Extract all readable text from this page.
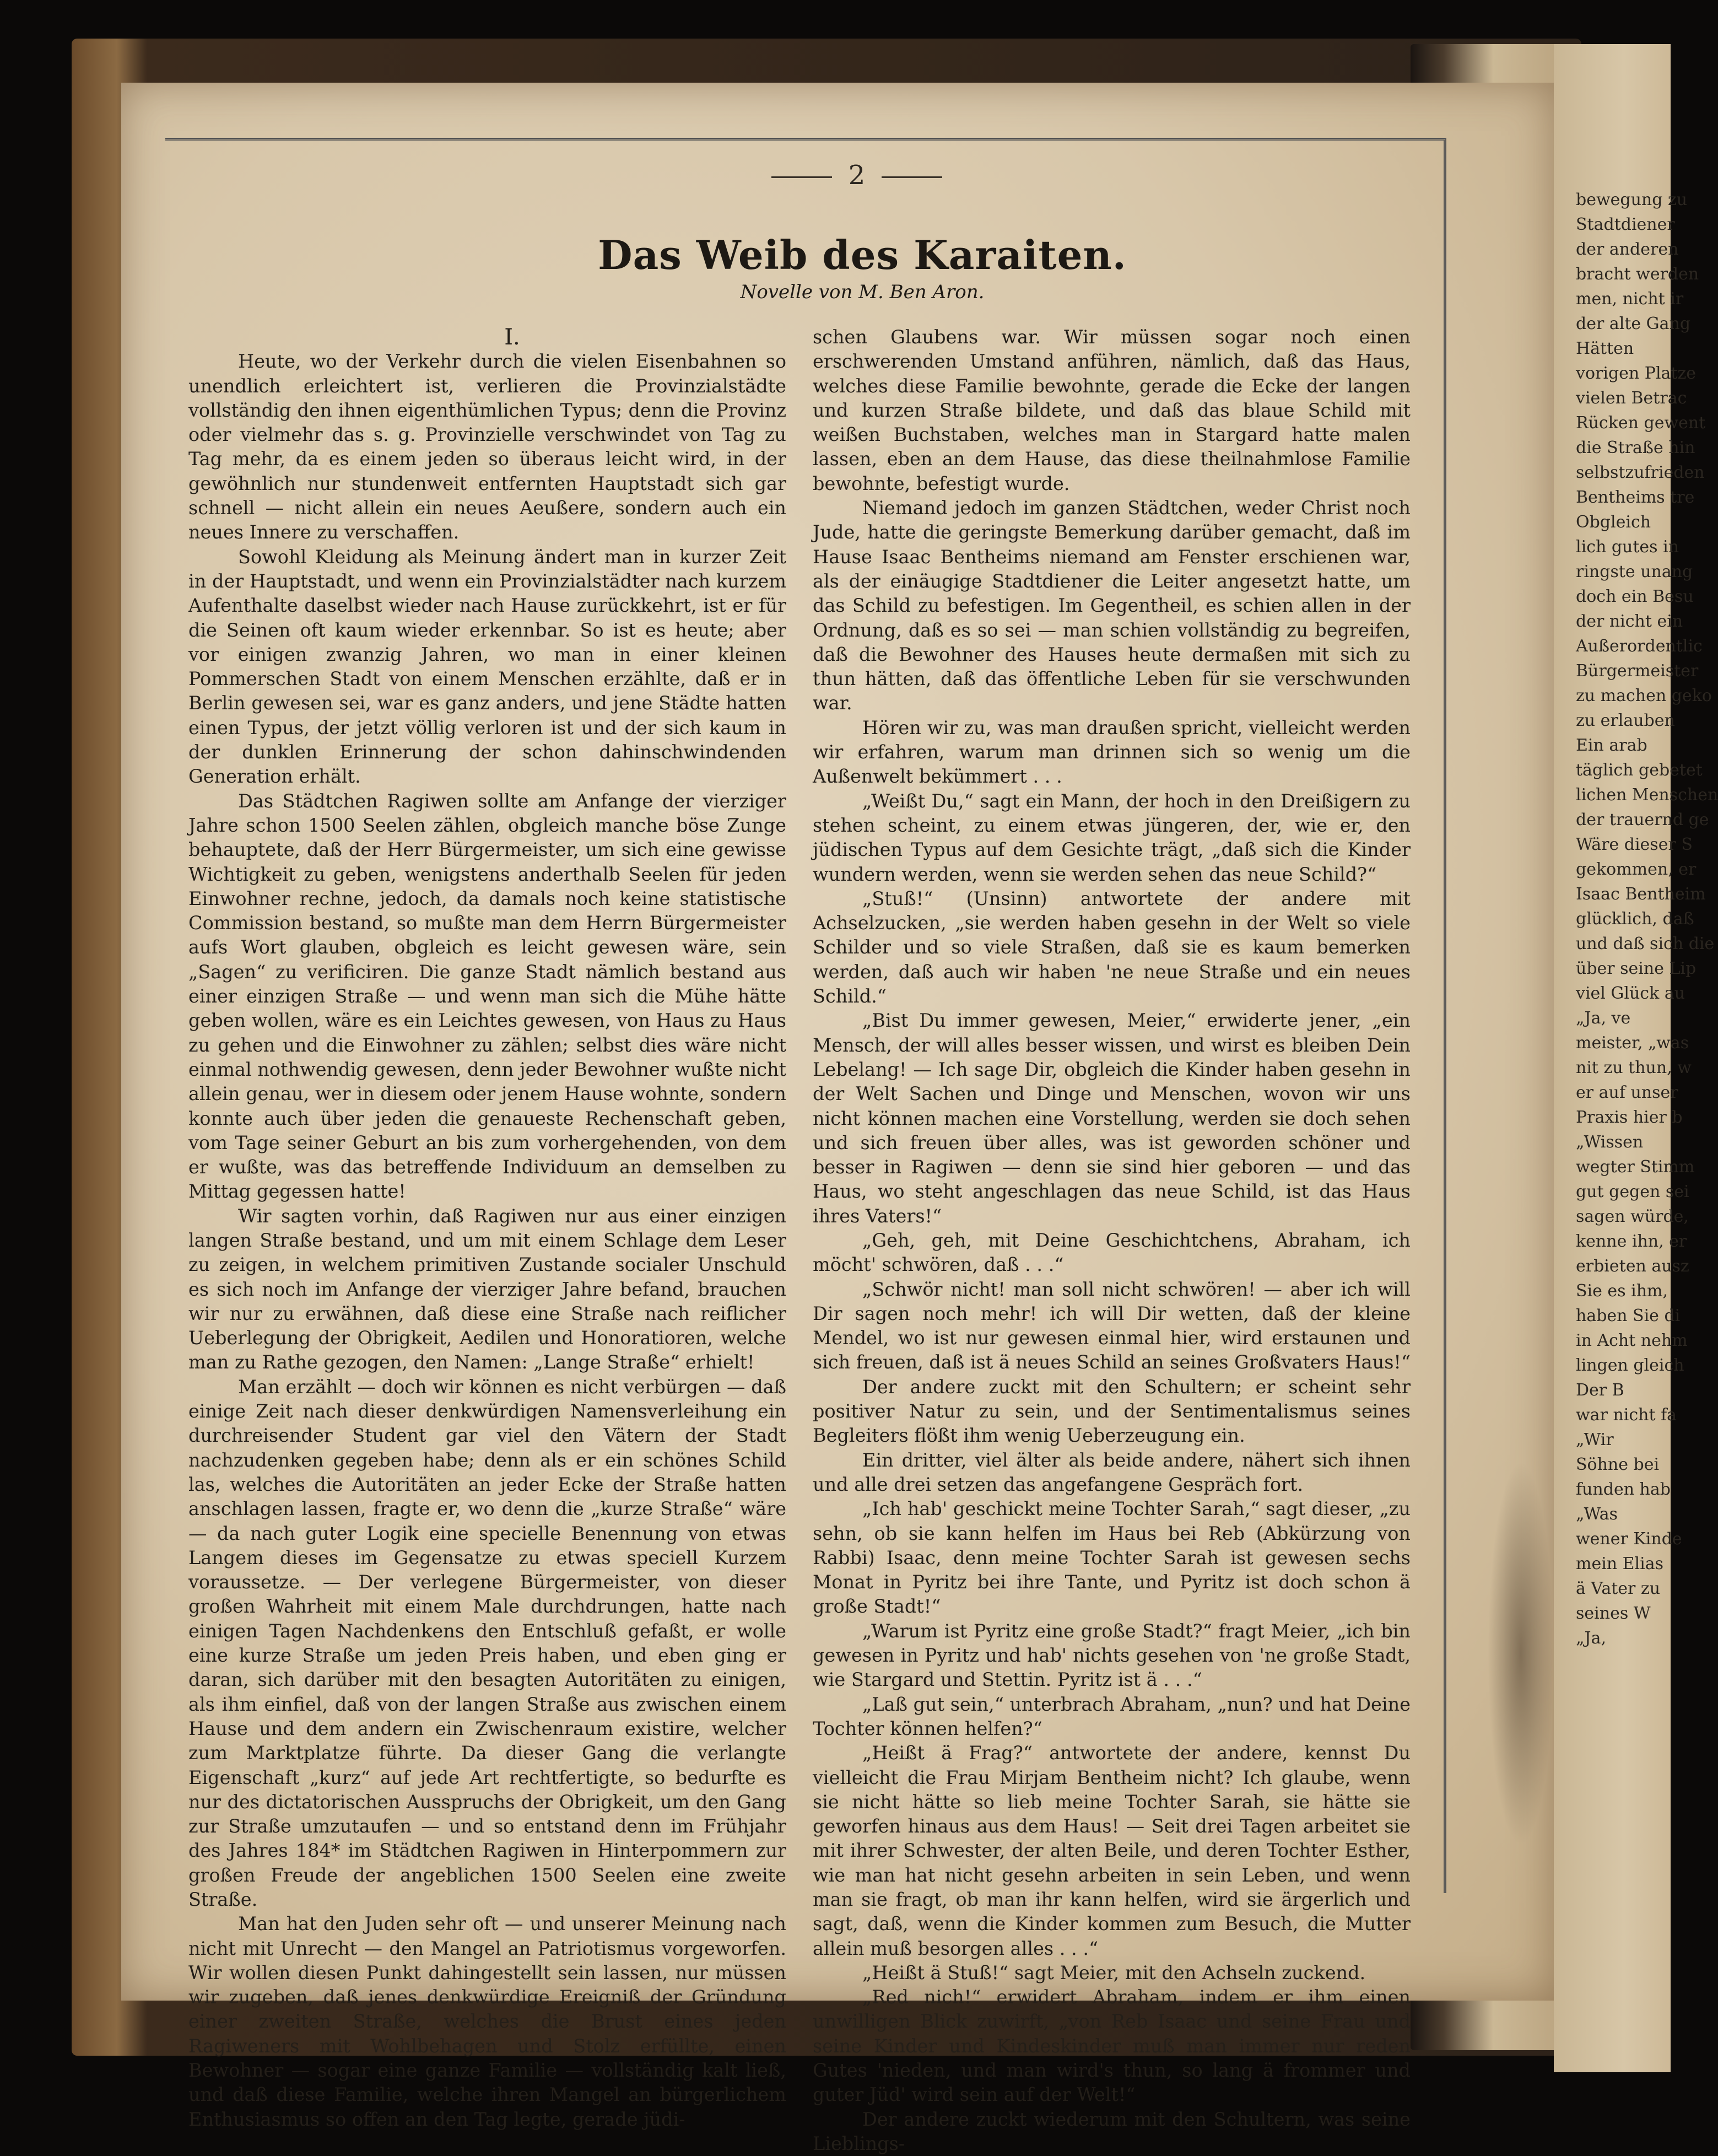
bewegung zu
Stadtdiener
der anderen
bracht werden
men, nicht ir
der alte Gang
Hätten
vorigen Platze
vielen Betrac
Rücken gewent
die Straße hin
selbstzufrieden
Bentheims tre
Obgleich
lich gutes in
ringste unang
doch ein Besu
der nicht ein
Außerordentlic
Bürgermeister
zu machen geko
zu erlauben
Ein arab
täglich gebetet
lichen Menschen
der trauernd ge
Wäre dieser S
gekommen, er
Isaac Bentheim
glücklich, daß
und daß sich die
über seine Lip
viel Glück au
„Ja, ve
meister, „was
nit zu thun, w
er auf unser
Praxis hier b
„Wissen
wegter Stimm
gut gegen sei
sagen würde,
kenne ihn, er
erbieten ausz
Sie es ihm,
haben Sie di
in Acht nehm
lingen gleich
Der B
war nicht fa
„Wir
Söhne bei
funden hab
„Was
wener Kinde
mein Elias
ä Vater zu
seines W
„Ja,
2
Das Weib des Karaiten.
Novelle von M. Ben Aron.

I.

Heute, wo der Verkehr durch die vielen Eisenbahnen so unendlich erleichtert ist, verlieren die Provinzialstädte vollständig den ihnen eigenthümlichen Typus; denn die Provinz oder vielmehr das s. g. Provinzielle verschwindet von Tag zu Tag mehr, da es einem jeden so überaus leicht wird, in der gewöhnlich nur stundenweit entfernten Hauptstadt sich gar schnell — nicht allein ein neues Aeußere, sondern auch ein neues Innere zu verschaffen.

Sowohl Kleidung als Meinung ändert man in kurzer Zeit in der Hauptstadt, und wenn ein Provinzialstädter nach kurzem Aufenthalte daselbst wieder nach Hause zurückkehrt, ist er für die Seinen oft kaum wieder erkennbar. So ist es heute; aber vor einigen zwanzig Jahren, wo man in einer kleinen Pommerschen Stadt von einem Menschen erzählte, daß er in Berlin gewesen sei, war es ganz anders, und jene Städte hatten einen Typus, der jetzt völlig verloren ist und der sich kaum in der dunklen Erinnerung der schon dahinschwindenden Generation erhält.

Das Städtchen Ragiwen sollte am Anfange der vierziger Jahre schon 1500 Seelen zählen, obgleich manche böse Zunge behauptete, daß der Herr Bürgermeister, um sich eine gewisse Wichtigkeit zu geben, wenigstens anderthalb Seelen für jeden Einwohner rechne, jedoch, da damals noch keine statistische Commission bestand, so mußte man dem Herrn Bürgermeister aufs Wort glauben, obgleich es leicht gewesen wäre, sein „Sagen“ zu verificiren. Die ganze Stadt nämlich bestand aus einer einzigen Straße — und wenn man sich die Mühe hätte geben wollen, wäre es ein Leichtes gewesen, von Haus zu Haus zu gehen und die Einwohner zu zählen; selbst dies wäre nicht einmal nothwendig gewesen, denn jeder Bewohner wußte nicht allein genau, wer in diesem oder jenem Hause wohnte, sondern konnte auch über jeden die genaueste Rechenschaft geben, vom Tage seiner Geburt an bis zum vorhergehenden, von dem er wußte, was das betreffende Individuum an demselben zu Mittag gegessen hatte!

Wir sagten vorhin, daß Ragiwen nur aus einer einzigen langen Straße bestand, und um mit einem Schlage dem Leser zu zeigen, in welchem primitiven Zustande socialer Unschuld es sich noch im Anfange der vierziger Jahre befand, brauchen wir nur zu erwähnen, daß diese eine Straße nach reiflicher Ueberlegung der Obrigkeit, Aedilen und Honoratioren, welche man zu Rathe gezogen, den Namen: „Lange Straße“ erhielt!

Man erzählt — doch wir können es nicht verbürgen — daß einige Zeit nach dieser denkwürdigen Namensverleihung ein durchreisender Student gar viel den Vätern der Stadt nachzudenken gegeben habe; denn als er ein schönes Schild las, welches die Autoritäten an jeder Ecke der Straße hatten anschlagen lassen, fragte er, wo denn die „kurze Straße“ wäre — da nach guter Logik eine specielle Benennung von etwas Langem dieses im Gegensatze zu etwas speciell Kurzem voraussetze. — Der verlegene Bürgermeister, von dieser großen Wahrheit mit einem Male durchdrungen, hatte nach einigen Tagen Nachdenkens den Entschluß gefaßt, er wolle eine kurze Straße um jeden Preis haben, und eben ging er daran, sich darüber mit den besagten Autoritäten zu einigen, als ihm einfiel, daß von der langen Straße aus zwischen einem Hause und dem andern ein Zwischenraum existire, welcher zum Marktplatze führte. Da dieser Gang die verlangte Eigenschaft „kurz“ auf jede Art rechtfertigte, so bedurfte es nur des dictatorischen Ausspruchs der Obrigkeit, um den Gang zur Straße umzutaufen — und so entstand denn im Frühjahr des Jahres 184* im Städtchen Ragiwen in Hinterpommern zur großen Freude der angeblichen 1500 Seelen eine zweite Straße.

Man hat den Juden sehr oft — und unserer Meinung nach nicht mit Unrecht — den Mangel an Patriotismus vorgeworfen. Wir wollen diesen Punkt dahingestellt sein lassen, nur müssen wir zugeben, daß jenes denkwürdige Ereigniß der Gründung einer zweiten Straße, welches die Brust eines jeden Ragiweners mit Wohlbehagen und Stolz erfüllte, einen Bewohner — sogar eine ganze Familie — vollständig kalt ließ, und daß diese Familie, welche ihren Mangel an bürgerlichem Enthusiasmus so offen an den Tag legte, gerade jüdi-

schen Glaubens war. Wir müssen sogar noch einen erschwerenden Umstand anführen, nämlich, daß das Haus, welches diese Familie bewohnte, gerade die Ecke der langen und kurzen Straße bildete, und daß das blaue Schild mit weißen Buchstaben, welches man in Stargard hatte malen lassen, eben an dem Hause, das diese theilnahmlose Familie bewohnte, befestigt wurde.

Niemand jedoch im ganzen Städtchen, weder Christ noch Jude, hatte die geringste Bemerkung darüber gemacht, daß im Hause Isaac Bentheims niemand am Fenster erschienen war, als der einäugige Stadtdiener die Leiter angesetzt hatte, um das Schild zu befestigen. Im Gegentheil, es schien allen in der Ordnung, daß es so sei — man schien vollständig zu begreifen, daß die Bewohner des Hauses heute dermaßen mit sich zu thun hätten, daß das öffentliche Leben für sie verschwunden war.

Hören wir zu, was man draußen spricht, vielleicht werden wir erfahren, warum man drinnen sich so wenig um die Außenwelt bekümmert . . .

„Weißt Du,“ sagt ein Mann, der hoch in den Dreißigern zu stehen scheint, zu einem etwas jüngeren, der, wie er, den jüdischen Typus auf dem Gesichte trägt, „daß sich die Kinder wundern werden, wenn sie werden sehen das neue Schild?“

„Stuß!“ (Unsinn) antwortete der andere mit Achselzucken, „sie werden haben gesehn in der Welt so viele Schilder und so viele Straßen, daß sie es kaum bemerken werden, daß auch wir haben 'ne neue Straße und ein neues Schild.“

„Bist Du immer gewesen, Meier,“ erwiderte jener, „ein Mensch, der will alles besser wissen, und wirst es bleiben Dein Lebelang! — Ich sage Dir, obgleich die Kinder haben gesehn in der Welt Sachen und Dinge und Menschen, wovon wir uns nicht können machen eine Vorstellung, werden sie doch sehen und sich freuen über alles, was ist geworden schöner und besser in Ragiwen — denn sie sind hier geboren — und das Haus, wo steht angeschlagen das neue Schild, ist das Haus ihres Vaters!“

„Geh, geh, mit Deine Geschichtchens, Abraham, ich möcht' schwören, daß . . .“

„Schwör nicht! man soll nicht schwören! — aber ich will Dir sagen noch mehr! ich will Dir wetten, daß der kleine Mendel, wo ist nur gewesen einmal hier, wird erstaunen und sich freuen, daß ist ä neues Schild an seines Großvaters Haus!“

Der andere zuckt mit den Schultern; er scheint sehr positiver Natur zu sein, und der Sentimentalismus seines Begleiters flößt ihm wenig Ueberzeugung ein.

Ein dritter, viel älter als beide andere, nähert sich ihnen und alle drei setzen das angefangene Gespräch fort.

„Ich hab' geschickt meine Tochter Sarah,“ sagt dieser, „zu sehn, ob sie kann helfen im Haus bei Reb (Abkürzung von Rabbi) Isaac, denn meine Tochter Sarah ist gewesen sechs Monat in Pyritz bei ihre Tante, und Pyritz ist doch schon ä große Stadt!“

„Warum ist Pyritz eine große Stadt?“ fragt Meier, „ich bin gewesen in Pyritz und hab' nichts gesehen von 'ne große Stadt, wie Stargard und Stettin. Pyritz ist ä . . .“

„Laß gut sein,“ unterbrach Abraham, „nun? und hat Deine Tochter können helfen?“

„Heißt ä Frag?“ antwortete der andere, kennst Du vielleicht die Frau Mirjam Bentheim nicht? Ich glaube, wenn sie nicht hätte so lieb meine Tochter Sarah, sie hätte sie geworfen hinaus aus dem Haus! — Seit drei Tagen arbeitet sie mit ihrer Schwester, der alten Beile, und deren Tochter Esther, wie man hat nicht gesehn arbeiten in sein Leben, und wenn man sie fragt, ob man ihr kann helfen, wird sie ärgerlich und sagt, daß, wenn die Kinder kommen zum Besuch, die Mutter allein muß besorgen alles . . .“

„Heißt ä Stuß!“ sagt Meier, mit den Achseln zuckend.

„Red nich!“ erwidert Abraham, indem er ihm einen unwilligen Blick zuwirft, „von Reb Isaac und seine Frau und seine Kinder und Kindeskinder muß man immer nur reden Gutes 'nieden, und man wird's thun, so lang ä frommer und guter Jüd' wird sein auf der Welt!“

Der andere zuckt wiederum mit den Schultern, was seine Lieblings-
